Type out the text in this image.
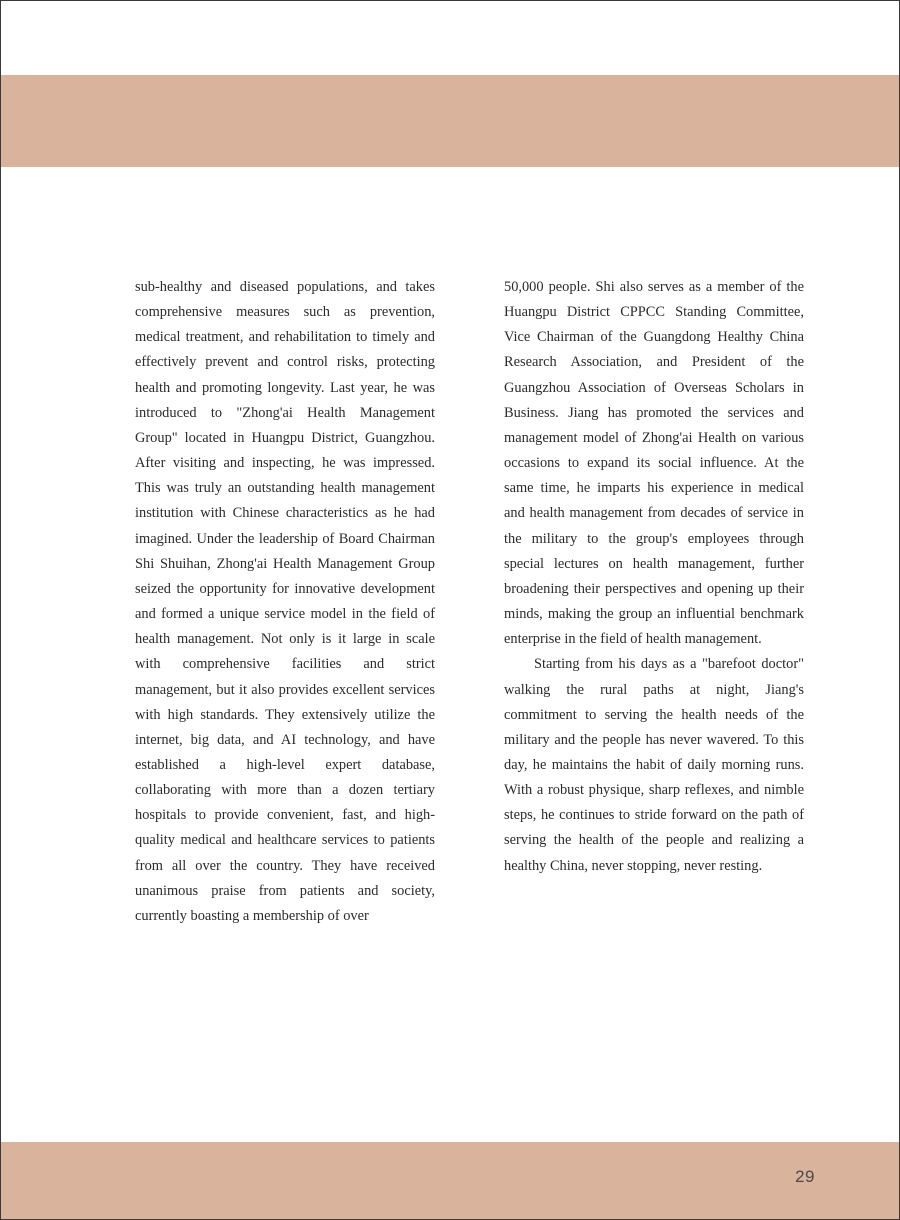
sub-healthy and diseased populations, and takes comprehensive measures such as prevention, medical treatment, and rehabilitation to timely and effectively prevent and control risks, protecting health and promoting longevity. Last year, he was introduced to "Zhong'ai Health Management Group" located in Huangpu District, Guangzhou. After visiting and inspecting, he was impressed. This was truly an outstanding health management institution with Chinese characteristics as he had imagined. Under the leadership of Board Chairman Shi Shuihan, Zhong'ai Health Management Group seized the opportunity for innovative development and formed a unique service model in the field of health management. Not only is it large in scale with comprehensive facilities and strict management, but it also provides excellent services with high standards. They extensively utilize the internet, big data, and AI technology, and have established a high-level expert database, collaborating with more than a dozen tertiary hospitals to provide convenient, fast, and high-quality medical and healthcare services to patients from all over the country. They have received unanimous praise from patients and society, currently boasting a membership of over

50,000 people. Shi also serves as a member of the Huangpu District CPPCC Standing Committee, Vice Chairman of the Guangdong Healthy China Research Association, and President of the Guangzhou Association of Overseas Scholars in Business. Jiang has promoted the services and management model of Zhong'ai Health on various occasions to expand its social influence. At the same time, he imparts his experience in medical and health management from decades of service in the military to the group's employees through special lectures on health management, further broadening their perspectives and opening up their minds, making the group an influential benchmark enterprise in the field of health management.

Starting from his days as a "barefoot doctor" walking the rural paths at night, Jiang's commitment to serving the health needs of the military and the people has never wavered. To this day, he maintains the habit of daily morning runs. With a robust physique, sharp reflexes, and nimble steps, he continues to stride forward on the path of serving the health of the people and realizing a healthy China, never stopping, never resting.

29
